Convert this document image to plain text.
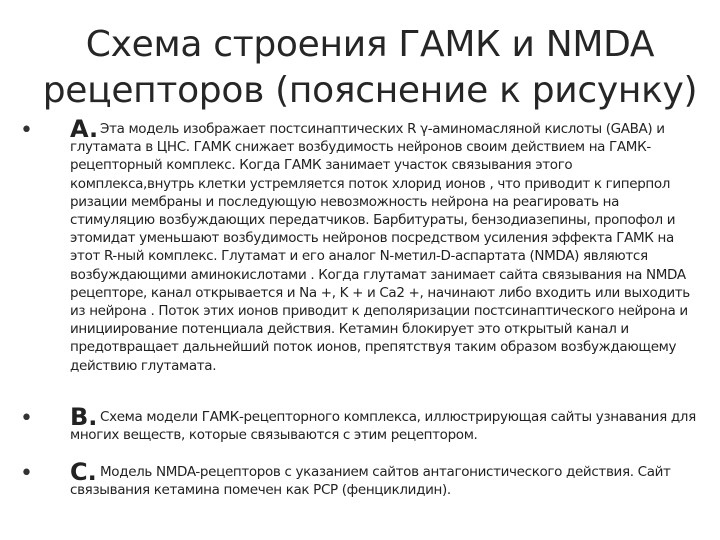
Схема строения ГАМК и NMDA
рецепторов (пояснение к рисунку)
• A. Эта модель изображает постсинаптических R γ-аминомасляной кислоты (GABA) и глутамата в ЦНС. ГАМК снижает возбудимость нейронов своим действием на ГАМК-рецепторный комплекс. Когда ГАМК занимает участок связывания этого комплекса,внутрь клетки устремляется поток хлорид ионов , что приводит к гиперпол ризации мембраны и последующую невозможность нейрона на реагировать на стимуляцию возбуждающих передатчиков. Барбитураты, бензодиазепины, пропофол и этомидат уменьшают возбудимость нейронов посредством усиления эффекта ГАМК на этот R-ный комплекс. Глутамат и его аналог N-метил-D-аспартата (NMDA) являются возбуждающими аминокислотами . Когда глутамат занимает сайта связывания на NMDA рецепторе, канал открывается и Na +, K + и Ca2 +, начинают либо входить или выходить из нейрона . Поток этих ионов приводит к деполяризации постсинаптического нейрона и инициирование потенциала действия. Кетамин блокирует это открытый канал и предотвращает дальнейший поток ионов, препятствуя таким образом возбуждающему действию глутамата.
• B. Схема модели ГАМК-рецепторного комплекса, иллюстрирующая сайты узнавания для многих веществ, которые связываются с этим рецептором.
• C. Модель NMDA-рецепторов с указанием сайтов антагонистического действия. Сайт связывания кетамина помечен как PCP (фенциклидин).
